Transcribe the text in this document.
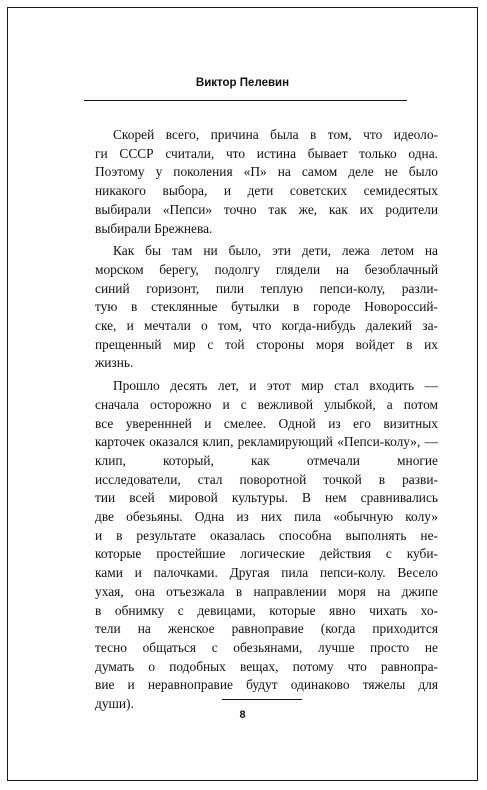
Виктор Пелевин
Скорей всего, причина была в том, что идеоло-
ги СССР считали, что истина бывает только одна.
Поэтому у поколения «П» на самом деле не было
никакого выбора, и дети советских семидесятых
выбирали «Пепси» точно так же, как их родители
выбирали Брежнева.
Как бы там ни было, эти дети, лежа летом на
морском берегу, подолгу глядели на безоблачный
синий горизонт, пили теплую пепси-колу, разли-
тую в стеклянные бутылки в городе Новороссий-
ске, и мечтали о том, что когда-нибудь далекий за-
прещенный мир с той стороны моря войдет в их
жизнь.
Прошло десять лет, и этот мир стал входить —
сначала осторожно и с вежливой улыбкой, а потом
все увереннней и смелее. Одной из его визитных
карточек оказался клип, рекламирующий «Пепси-колу», — клип, который, как отмечали многие
исследователи, стал поворотной точкой в разви-
тии всей мировой культуры. В нем сравнивались
две обезьяны. Одна из них пила «обычную колу»
и в результате оказалась способна выполнять не-
которые простейшие логические действия с куби-
ками и палочками. Другая пила пепси-колу. Весело
ухая, она отъезжала в направлении моря на джипе
в обнимку с девицами, которые явно чихать хо-
тели на женское равноправие (когда приходится
тесно общаться с обезьянами, лучше просто не
думать о подобных вещах, потому что равнопра-
вие и неравноправие будут одинаково тяжелы для
души).
8
